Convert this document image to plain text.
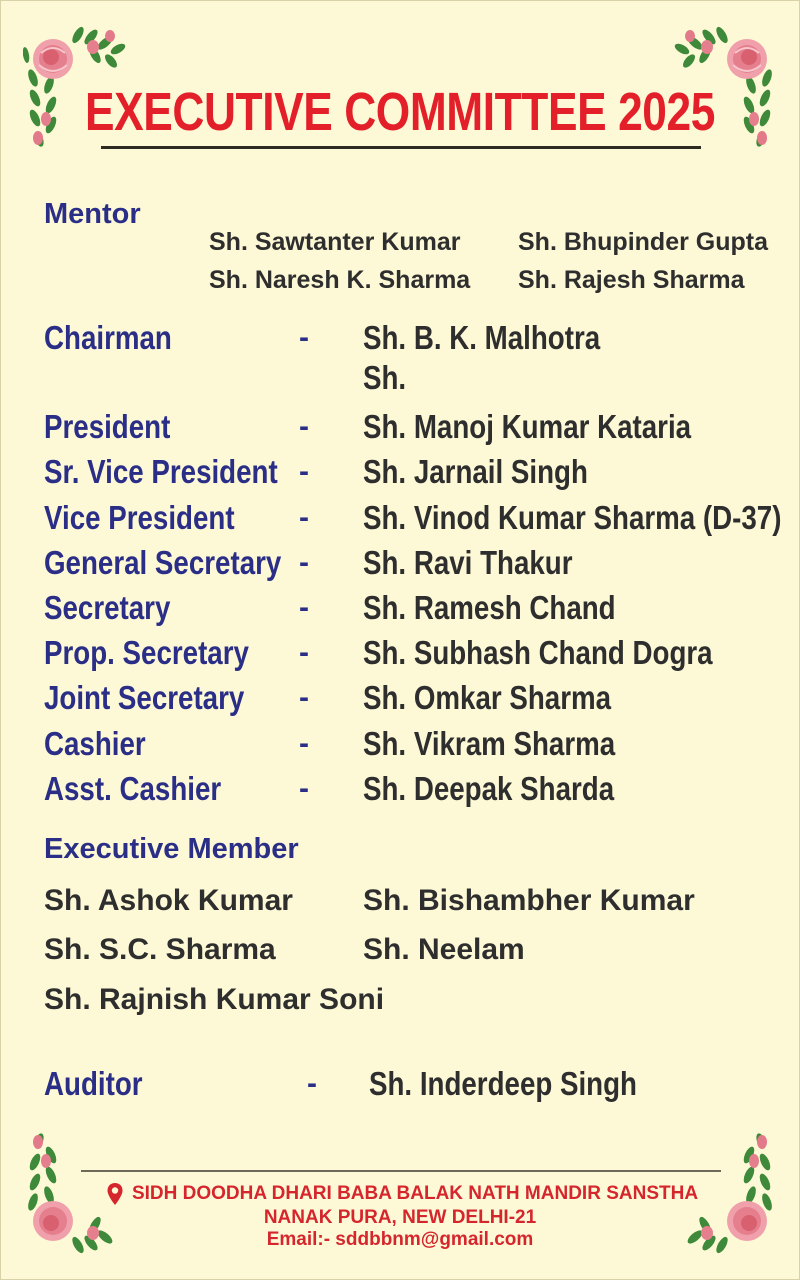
EXECUTIVE COMMITTEE 2025
Mentor
Sh. Sawtanter Kumar Sh. Bhupinder Gupta
Sh. Naresh K. Sharma Sh. Rajesh Sharma
Chairman	- Sh. B. K. Malhotra
Sh.
President	- Sh. Manoj Kumar Kataria
Sr. Vice President - Sh. Jarnail Singh
Vice President - Sh. Vinod Kumar Sharma (D-37)
General Secretary - Sh. Ravi Thakur
Secretary	- Sh. Ramesh Chand
Prop. Secretary - Sh. Subhash Chand Dogra
Joint Secretary - Sh. Omkar Sharma
Cashier	- Sh. Vikram Sharma
Asst. Cashier	- Sh. Deepak Sharda
Executive Member
Sh. Ashok Kumar Sh. Bishambher Kumar
Sh. S.C. Sharma	Sh. Neelam
Sh. Rajnish Kumar Soni
Auditor	- Sh. Inderdeep Singh
SIDH DOODHA DHARI BABA BALAK NATH MANDIR SANSTHA
NANAK PURA, NEW DELHI-21
Email:- sddbbnm@gmail.com
